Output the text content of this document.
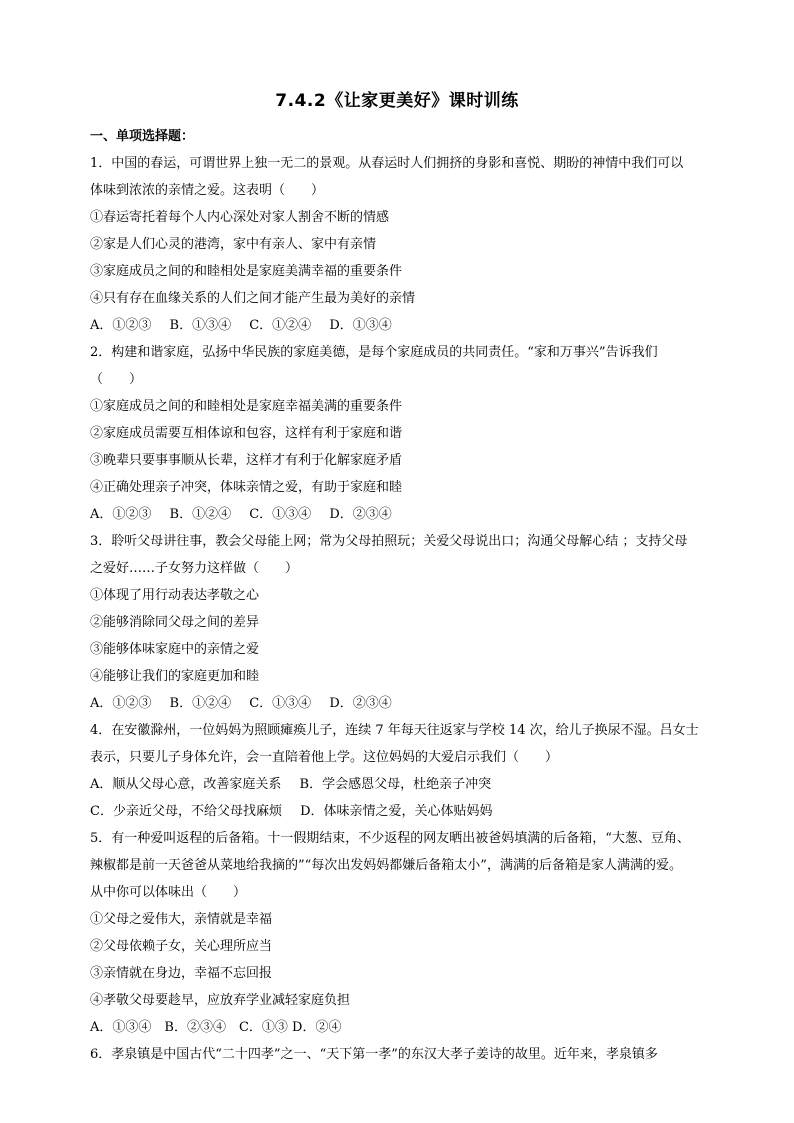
7.4.2《让家更美好》课时训练
一、单项选择题：
1．中国的春运，可谓世界上独一无二的景观。从春运时人们拥挤的身影和喜悦、期盼的神情中我们可以
体味到浓浓的亲情之爱。这表明（　　）
①春运寄托着每个人内心深处对家人割舍不断的情感
②家是人们心灵的港湾，家中有亲人、家中有亲情
③家庭成员之间的和睦相处是家庭美满幸福的重要条件
④只有存在血缘关系的人们之间才能产生最为美好的亲情
A．①②③ B．①③④ C．①②④ D．①③④
2．构建和谐家庭，弘扬中华民族的家庭美德，是每个家庭成员的共同责任。“家和万事兴”告诉我们
（　　）
①家庭成员之间的和睦相处是家庭幸福美满的重要条件
②家庭成员需要互相体谅和包容，这样有利于家庭和谐
③晚辈只要事事顺从长辈，这样才有利于化解家庭矛盾
④正确处理亲子冲突，体味亲情之爱，有助于家庭和睦
A．①②③ B．①②④ C．①③④ D．②③④
3．聆听父母讲往事，教会父母能上网；常为父母拍照玩；关爱父母说出口；沟通父母解心结 ；支持父母
之爱好……子女努力这样做（　　）
①体现了用行动表达孝敬之心
②能够消除同父母之间的差异
③能够体味家庭中的亲情之爱
④能够让我们的家庭更加和睦
A．①②③ B．①②④ C．①③④ D．②③④
4．在安徽滁州，一位妈妈为照顾瘫痪儿子，连续 7 年每天往返家与学校 14 次，给儿子换尿不湿。吕女士
表示，只要儿子身体允许，会一直陪着他上学。这位妈妈的大爱启示我们（　　）
A．顺从父母心意，改善家庭关系 B．学会感恩父母，杜绝亲子冲突
C．少亲近父母，不给父母找麻烦 D．体味亲情之爱，关心体贴妈妈
5．有一种爱叫返程的后备箱。十一假期结束，不少返程的网友晒出被爸妈填满的后备箱，“大葱、豆角、
辣椒都是前一天爸爸从菜地给我摘的”“每次出发妈妈都嫌后备箱太小”，满满的后备箱是家人满满的爱。
从中你可以体味出（　　）
①父母之爱伟大，亲情就是幸福
②父母依赖子女，关心理所应当
③亲情就在身边，幸福不忘回报
④孝敬父母要趁早，应放弃学业减轻家庭负担
A．①③④　B．②③④　C．①③ D．②④
6．孝泉镇是中国古代“二十四孝”之一、“天下第一孝”的东汉大孝子姜诗的故里。近年来，孝泉镇多
